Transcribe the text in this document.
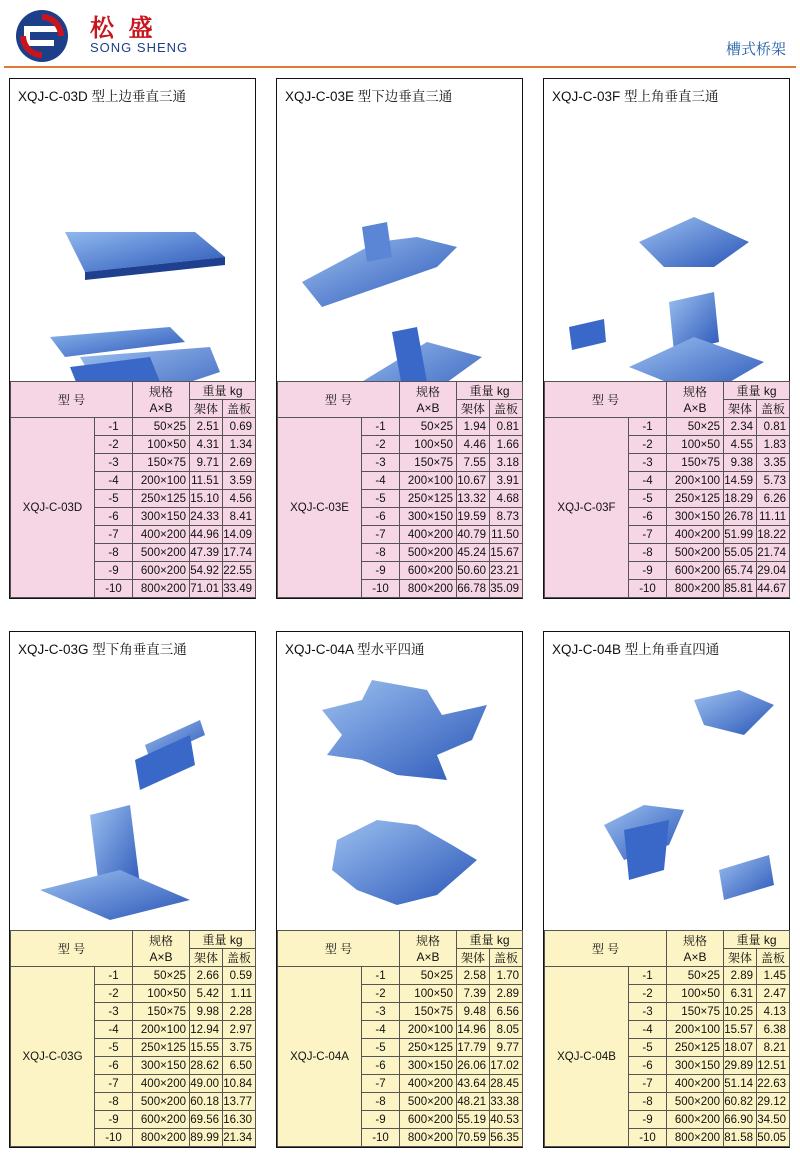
松 盛
SONG SHENG	槽式桥架
XQJ-C-03D 型上边垂直三通
型 号		规格
A×B	重量 kg	
			架体	盖板
XQJ-C-03D	-1	50×25	2.51	0.69
	-2	100×50	4.31	1.34
	-3	150×75	9.71	2.69
	-4	200×100	11.51	3.59
	-5	250×125	15.10	4.56
	-6	300×150	24.33	8.41
	-7	400×200	44.96	14.09
	-8	500×200	47.39	17.74
	-9	600×200	54.92	22.55
	-10	800×200	71.01	33.49
XQJ-C-03E 型下边垂直三通
型 号		规格
A×B	重量 kg	
			架体	盖板
XQJ-C-03E	-1	50×25	1.94	0.81
	-2	100×50	4.46	1.66
	-3	150×75	7.55	3.18
	-4	200×100	10.67	3.91
	-5	250×125	13.32	4.68
	-6	300×150	19.59	8.73
	-7	400×200	40.79	11.50
	-8	500×200	45.24	15.67
	-9	600×200	50.60	23.21
	-10	800×200	66.78	35.09
XQJ-C-03F 型上角垂直三通
型 号		规格
A×B	重量 kg	
			架体	盖板
XQJ-C-03F	-1	50×25	2.34	0.81
	-2	100×50	4.55	1.83
	-3	150×75	9.38	3.35
	-4	200×100	14.59	5.73
	-5	250×125	18.29	6.26
	-6	300×150	26.78	11.11
	-7	400×200	51.99	18.22
	-8	500×200	55.05	21.74
	-9	600×200	65.74	29.04
	-10	800×200	85.81	44.67
XQJ-C-03G 型下角垂直三通
型 号		规格
A×B	重量 kg	
			架体	盖板
XQJ-C-03G	-1	50×25	2.66	0.59
	-2	100×50	5.42	1.11
	-3	150×75	9.98	2.28
	-4	200×100	12.94	2.97
	-5	250×125	15.55	3.75
	-6	300×150	28.62	6.50
	-7	400×200	49.00	10.84
	-8	500×200	60.18	13.77
	-9	600×200	69.56	16.30
	-10	800×200	89.99	21.34
XQJ-C-04A 型水平四通
型 号		规格
A×B	重量 kg	
			架体	盖板
XQJ-C-04A	-1	50×25	2.58	1.70
	-2	100×50	7.39	2.89
	-3	150×75	9.48	6.56
	-4	200×100	14.96	8.05
	-5	250×125	17.79	9.77
	-6	300×150	26.06	17.02
	-7	400×200	43.64	28.45
	-8	500×200	48.21	33.38
	-9	600×200	55.19	40.53
	-10	800×200	70.59	56.35
XQJ-C-04B 型上角垂直四通
型 号		规格
A×B	重量 kg	
			架体	盖板
XQJ-C-04B	-1	50×25	2.89	1.45
	-2	100×50	6.31	2.47
	-3	150×75	10.25	4.13
	-4	200×100	15.57	6.38
	-5	250×125	18.07	8.21
	-6	300×150	29.89	12.51
	-7	400×200	51.14	22.63
	-8	500×200	60.82	29.12
	-9	600×200	66.90	34.50
	-10	800×200	81.58	50.05
